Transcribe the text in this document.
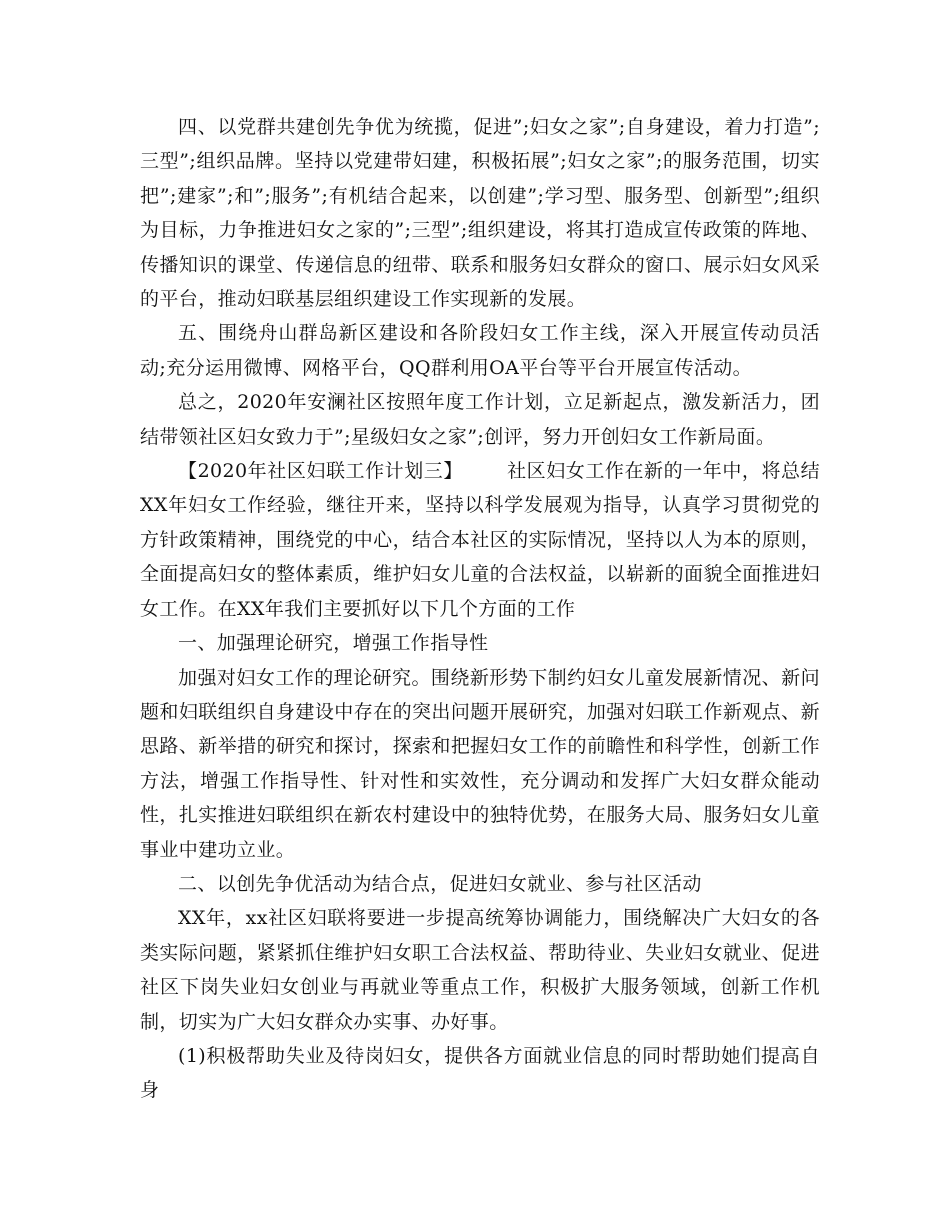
四、以党群共建创先争优为统揽，促进”;妇女之家”;自身建设，着力打造”;三型”;组织品牌。坚持以党建带妇建，积极拓展”;妇女之家”;的服务范围，切实把”;建家”;和”;服务”;有机结合起来，以创建”;学习型、服务型、创新型”;组织为目标，力争推进妇女之家的”;三型”;组织建设，将其打造成宣传政策的阵地、传播知识的课堂、传递信息的纽带、联系和服务妇女群众的窗口、展示妇女风采的平台，推动妇联基层组织建设工作实现新的发展。

五、围绕舟山群岛新区建设和各阶段妇女工作主线，深入开展宣传动员活动;充分运用微博、网格平台，QQ群利用OA平台等平台开展宣传活动。

总之，2020年安澜社区按照年度工作计划，立足新起点，激发新活力，团结带领社区妇女致力于”;星级妇女之家”;创评，努力开创妇女工作新局面。

【2020年社区妇联工作计划三】 社区妇女工作在新的一年中，将总结XX年妇女工作经验，继往开来，坚持以科学发展观为指导，认真学习贯彻党的方针政策精神，围绕党的中心，结合本社区的实际情况，坚持以人为本的原则，全面提高妇女的整体素质，维护妇女儿童的合法权益，以崭新的面貌全面推进妇女工作。在XX年我们主要抓好以下几个方面的工作

一、加强理论研究，增强工作指导性

加强对妇女工作的理论研究。围绕新形势下制约妇女儿童发展新情况、新问题和妇联组织自身建设中存在的突出问题开展研究，加强对妇联工作新观点、新思路、新举措的研究和探讨，探索和把握妇女工作的前瞻性和科学性，创新工作方法，增强工作指导性、针对性和实效性，充分调动和发挥广大妇女群众能动性，扎实推进妇联组织在新农村建设中的独特优势，在服务大局、服务妇女儿童事业中建功立业。

二、以创先争优活动为结合点，促进妇女就业、参与社区活动

XX年，xx社区妇联将要进一步提高统筹协调能力，围绕解决广大妇女的各类实际问题，紧紧抓住维护妇女职工合法权益、帮助待业、失业妇女就业、促进社区下岗失业妇女创业与再就业等重点工作，积极扩大服务领域，创新工作机制，切实为广大妇女群众办实事、办好事。

(1)积极帮助失业及待岗妇女，提供各方面就业信息的同时帮助她们提高自身
